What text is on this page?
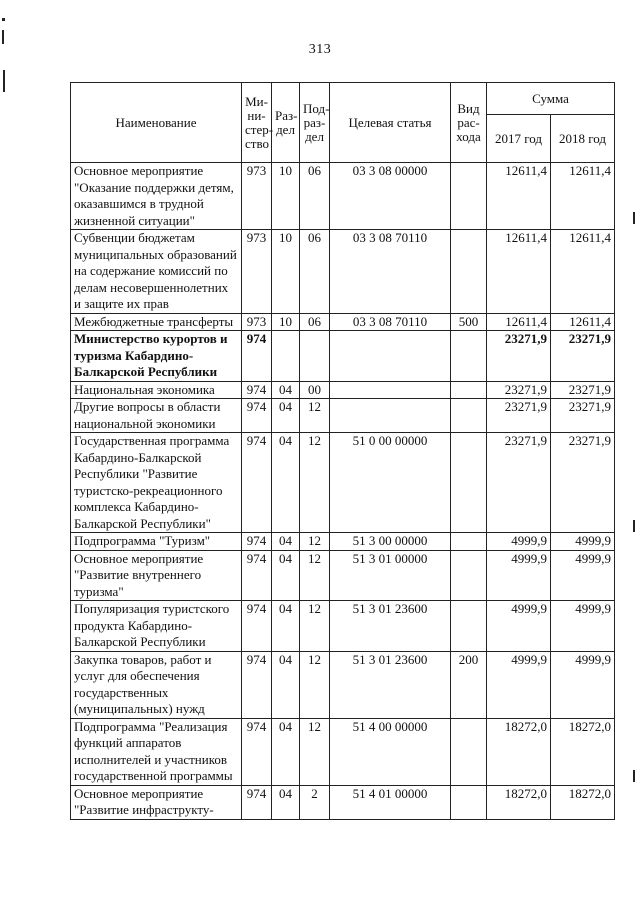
313
Наименование	Ми-ни-стер-ство	Раз-дел	Под-раз-дел	Целевая статья	Вид рас-хода	Сумма	
						2017 год	2018 год
Основное мероприятие "Оказание поддержки детям, оказавшимся в трудной жизненной ситуации"	973	10	06	03 3 08 00000		12611,4	12611,4
Субвенции бюджетам муниципальных образований на содержание комиссий по делам несовершеннолетних и защите их прав	973	10	06	03 3 08 70110		12611,4	12611,4
Межбюджетные трансферты	973	10	06	03 3 08 70110	500	12611,4	12611,4
Министерство курортов и туризма Кабардино-Балкарской Республики	974					23271,9	23271,9
Национальная экономика	974	04	00			23271,9	23271,9
Другие вопросы в области национальной экономики	974	04	12			23271,9	23271,9
Государственная программа Кабардино-Балкарской Республики "Развитие туристско-рекреационного комплекса Кабардино-Балкарской Республики"	974	04	12	51 0 00 00000		23271,9	23271,9
Подпрограмма "Туризм"	974	04	12	51 3 00 00000		4999,9	4999,9
Основное мероприятие "Развитие внутреннего туризма"	974	04	12	51 3 01 00000		4999,9	4999,9
Популяризация туристского продукта Кабардино-Балкарской Республики	974	04	12	51 3 01 23600		4999,9	4999,9
Закупка товаров, работ и услуг для обеспечения государственных (муниципальных) нужд	974	04	12	51 3 01 23600	200	4999,9	4999,9
Подпрограмма "Реализация функций аппаратов исполнителей и участников государственной программы	974	04	12	51 4 00 00000		18272,0	18272,0
Основное мероприятие "Развитие инфраструкту-	974	04	2	51 4 01 00000		18272,0	18272,0
